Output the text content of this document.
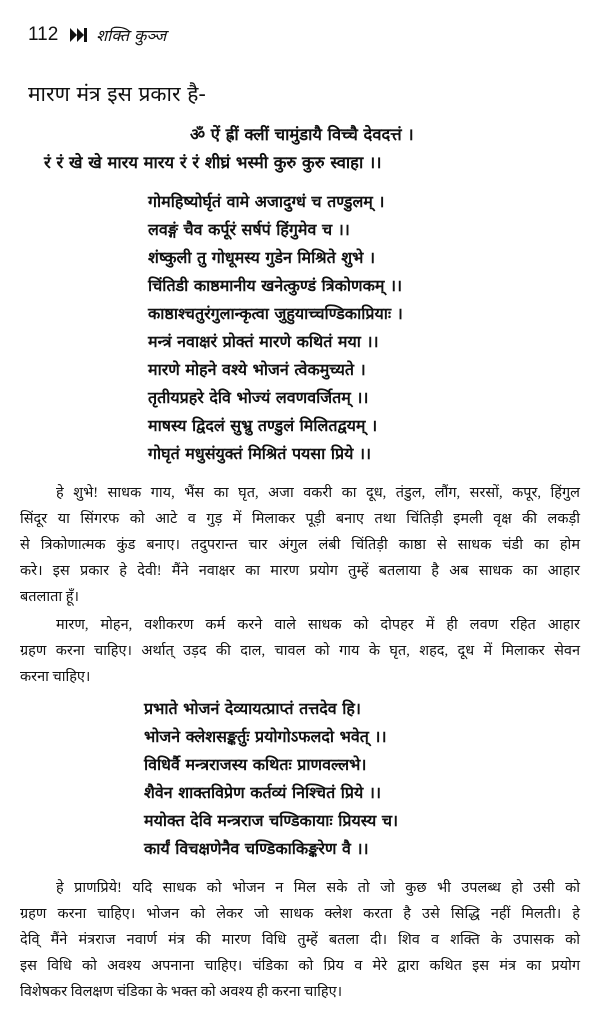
112 शक्ति कुञ्ज
मारण मंत्र इस प्रकार है-
ॐ ऐं ह्रीं क्लीं चामुंडायै विच्चै देवदत्तं ।
रं रं खे खे मारय मारय रं रं शीघ्रं भस्मी कुरु कुरु स्वाहा ।।
गोमहिष्योर्घृतं वामे अजादुग्धं च तण्डुलम् ।
लवङ्गं चैव कर्पूरं सर्षपं हिंगुमेव च ।।
शंष्कुली तु गोधूमस्य गुडेन मिश्रिते शुभे ।
चिंतिडी काष्ठमानीय खनेत्कुण्डं त्रिकोणकम् ।।
काष्ठाश्चतुरंगुलान्कृत्वा जुहुयाच्चण्डिकाप्रियाः ।
मन्त्रं नवाक्षरं प्रोक्तं मारणे कथितं मया ।।
मारणे मोहने वश्ये भोजनं त्वेकमुच्यते ।
तृतीयप्रहरे देवि भोज्यं लवणवर्जितम् ।।
माषस्य द्विदलं सुभ्रु तण्डुलं मिलितद्वयम् ।
गोघृतं मधुसंयुक्तं मिश्रितं पयसा प्रिये ।।
हे शुभे! साधक गाय, भैंस का घृत, अजा वकरी का दूध, तंडुल, लौंग, सरसों, कपूर, हिंगुल
सिंदूर या सिंगरफ को आटे व गुड़ में मिलाकर पूड़ी बनाए तथा चिंतिड़ी इमली वृक्ष की लकड़ी
से त्रिकोणात्मक कुंड बनाए। तदुपरान्त चार अंगुल लंबी चिंतिड़ी काष्ठा से साधक चंडी का होम
करे। इस प्रकार हे देवी! मैंने नवाक्षर का मारण प्रयोग तुम्हें बतलाया है अब साधक का आहार
बतलाता हूँ।
मारण, मोहन, वशीकरण कर्म करने वाले साधक को दोपहर में ही लवण रहित आहार
ग्रहण करना चाहिए। अर्थात् उड़द की दाल, चावल को गाय के घृत, शहद, दूध में मिलाकर सेवन
करना चाहिए।
प्रभाते भोजनं देव्यायत्प्राप्तं तत्तदेव हि।
भोजने क्लेशसङ्कर्तुः प्रयोगोऽफलदो भवेत् ।।
विधिर्वै मन्त्रराजस्य कथितः प्राणवल्लभे।
शैवेन शाक्तविप्रेण कर्तव्यं निश्चितं प्रिये ।।
मयोक्त देवि मन्त्रराज चण्डिकायाः प्रियस्य च।
कार्यं विचक्षणेनैव चण्डिकाकिङ्करेण वै ।।
हे प्राणप्रिये! यदि साधक को भोजन न मिल सके तो जो कुछ भी उपलब्ध हो उसी को
ग्रहण करना चाहिए। भोजन को लेकर जो साधक क्लेश करता है उसे सिद्धि नहीं मिलती। हे
देवि् मैंने मंत्रराज नवार्ण मंत्र की मारण विधि तुम्हें बतला दी। शिव व शक्ति के उपासक को
इस विधि को अवश्य अपनाना चाहिए। चंडिका को प्रिय व मेरे द्वारा कथित इस मंत्र का प्रयोग
विशेषकर विलक्षण चंडिका के भक्त को अवश्य ही करना चाहिए।
